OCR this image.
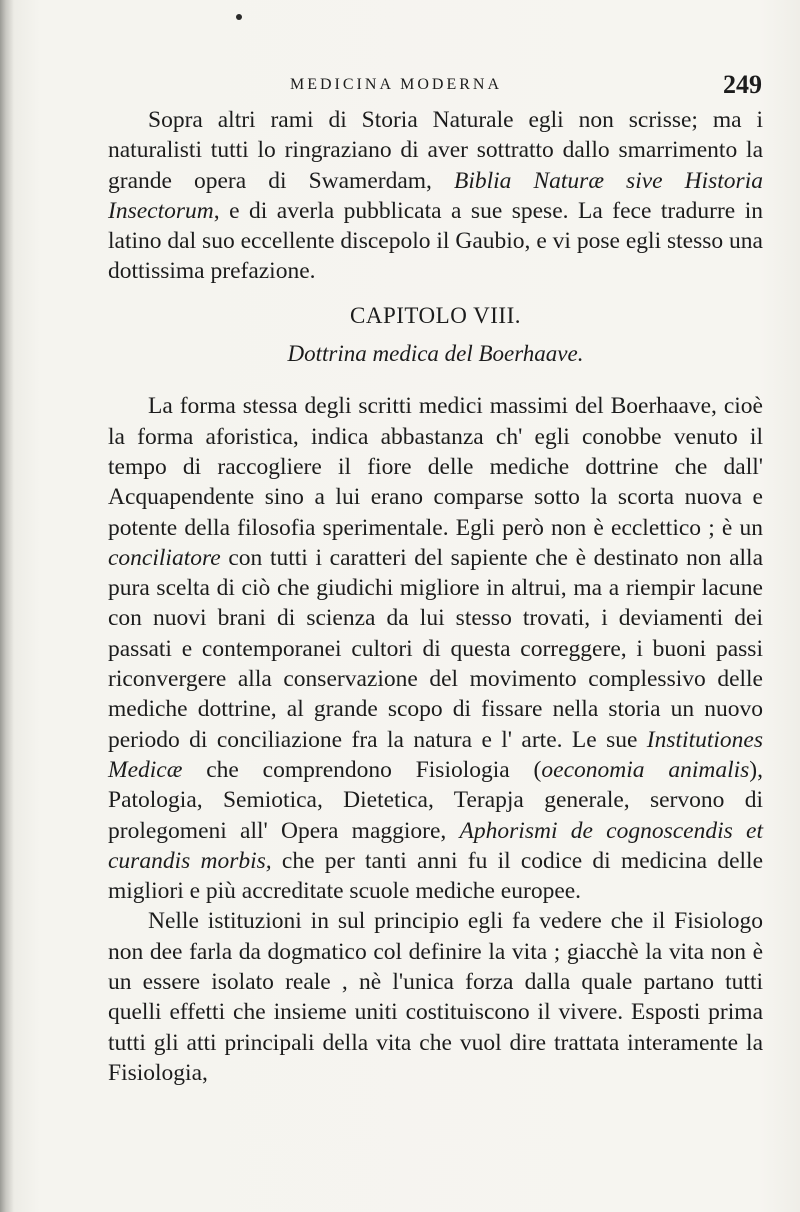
MEDICINA MODERNA	249

Sopra altri rami di Storia Naturale egli non scrisse; ma i naturalisti tutti lo ringraziano di aver sottratto dallo smarrimento la grande opera di Swamerdam, Biblia Naturæ sive Historia Insectorum, e di averla pubblicata a sue spese. La fece tradurre in latino dal suo eccellente discepolo il Gaubio, e vi pose egli stesso una dottissima prefazione.

CAPITOLO VIII.

Dottrina medica del Boerhaave.

La forma stessa degli scritti medici massimi del Boerhaave, cioè la forma aforistica, indica abbastanza ch' egli conobbe venuto il tempo di raccogliere il fiore delle mediche dottrine che dall' Acquapendente sino a lui erano comparse sotto la scorta nuova e potente della filosofia sperimentale. Egli però non è ecclettico ; è un conciliatore con tutti i caratteri del sapiente che è destinato non alla pura scelta di ciò che giudichi migliore in altrui, ma a riempir lacune con nuovi brani di scienza da lui stesso trovati, i deviamenti dei passati e contemporanei cultori di questa correggere, i buoni passi riconvergere alla conservazione del movimento complessivo delle mediche dottrine, al grande scopo di fissare nella storia un nuovo periodo di conciliazione fra la natura e l' arte. Le sue Institutiones Medicæ che comprendono Fisiologia (oeconomia animalis), Patologia, Semiotica, Dietetica, Terapja generale, servono di prolegomeni all' Opera maggiore, Aphorismi de cognoscendis et curandis morbis, che per tanti anni fu il codice di medicina delle migliori e più accreditate scuole mediche europee.

Nelle istituzioni in sul principio egli fa vedere che il Fisiologo non dee farla da dogmatico col definire la vita ; giacchè la vita non è un essere isolato reale , nè l'unica forza dalla quale partano tutti quelli effetti che insieme uniti costituiscono il vivere. Esposti prima tutti gli atti principali della vita che vuol dire trattata interamente la Fisiologia,
